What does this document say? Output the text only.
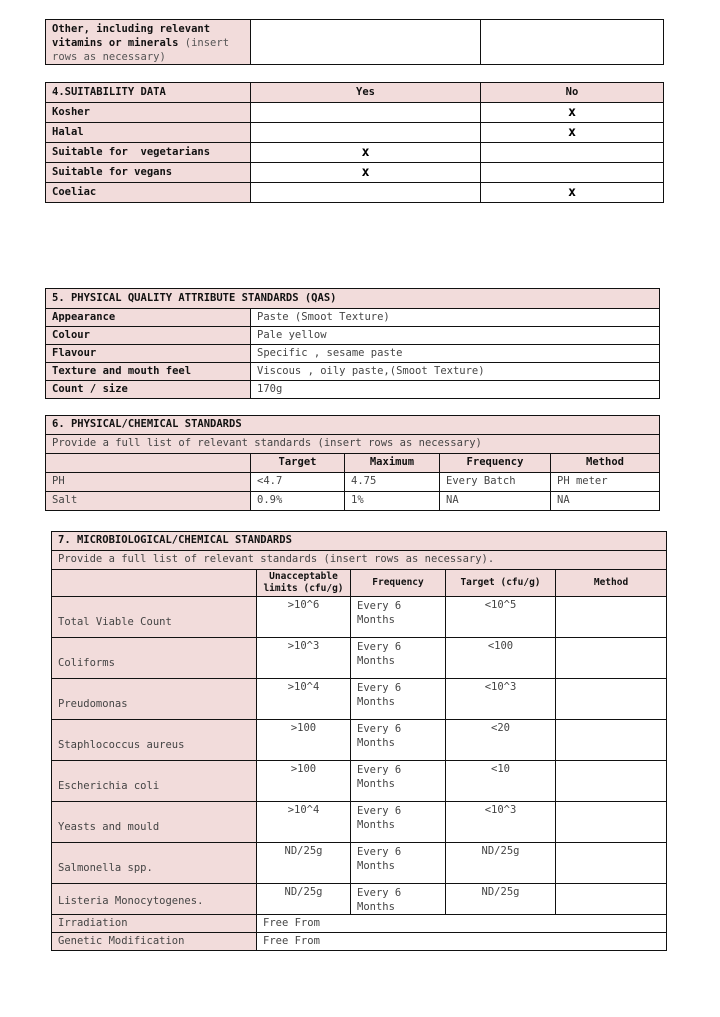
Other, including relevant vitamins or minerals (insert rows as necessary)		
4.SUITABILITY DATA	Yes	No
Kosher		x
Halal		x
Suitable for  vegetarians	x	
Suitable for vegans	x	
Coeliac		x
5. PHYSICAL QUALITY ATTRIBUTE STANDARDS (QAS)	
Appearance	Paste (Smoot Texture)
Colour	Pale yellow
Flavour	Specific , sesame paste
Texture and mouth feel	Viscous , oily paste,(Smoot Texture)
Count / size	170g
6. PHYSICAL/CHEMICAL STANDARDS				
Provide a full list of relevant standards (insert rows as necessary)				
	Target	Maximum	Frequency	Method
PH	<4.7	4.75	Every Batch	PH meter
Salt	0.9%	1%	NA	NA
7. MICROBIOLOGICAL/CHEMICAL STANDARDS				
Provide a full list of relevant standards (insert rows as necessary).				
	Unacceptable limits (cfu/g)	Frequency	Target (cfu/g)	Method
Total Viable Count	>10^6	Every 6 Months	<10^5	
Coliforms	>10^3	Every 6 Months	<100	
Preudomonas	>10^4	Every 6 Months	<10^3	
Staphlococcus aureus	>100	Every 6 Months	<20	
Escherichia coli	>100	Every 6 Months	<10	
Yeasts and mould	>10^4	Every 6 Months	<10^3	
Salmonella spp.	ND/25g	Every 6 Months	ND/25g	
Listeria Monocytogenes.	ND/25g	Every 6 Months	ND/25g	
Irradiation	Free From			
Genetic Modification	Free From			
